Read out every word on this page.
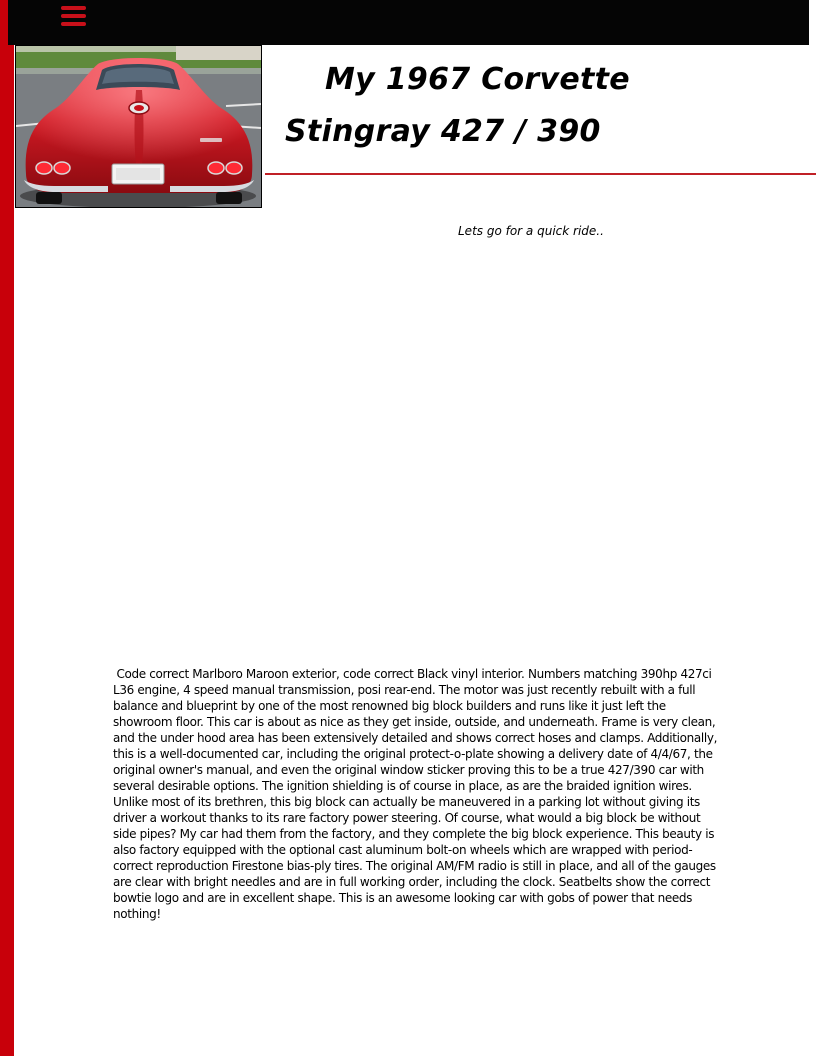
My 1967 Corvette
Stingray 427 / 390

Lets go for a quick ride..

Code correct Marlboro Maroon exterior, code correct Black vinyl interior. Numbers matching 390hp 427ci L36 engine, 4 speed manual transmission, posi rear-end. The motor was just recently rebuilt with a full balance and blueprint by one of the most renowned big block builders and runs like it just left the showroom floor. This car is about as nice as they get inside, outside, and underneath. Frame is very clean, and the under hood area has been extensively detailed and shows correct hoses and clamps. Additionally, this is a well-documented car, including the original protect-o-plate showing a delivery date of 4/4/67, the original owner's manual, and even the original window sticker proving this to be a true 427/390 car with several desirable options. The ignition shielding is of course in place, as are the braided ignition wires. Unlike most of its brethren, this big block can actually be maneuvered in a parking lot without giving its driver a workout thanks to its rare factory power steering. Of course, what would a big block be without side pipes? My car had them from the factory, and they complete the big block experience. This beauty is also factory equipped with the optional cast aluminum bolt-on wheels which are wrapped with period-correct reproduction Firestone bias-ply tires. The original AM/FM radio is still in place, and all of the gauges are clear with bright needles and are in full working order, including the clock. Seatbelts show the correct bowtie logo and are in excellent shape. This is an awesome looking car with gobs of power that needs nothing!
